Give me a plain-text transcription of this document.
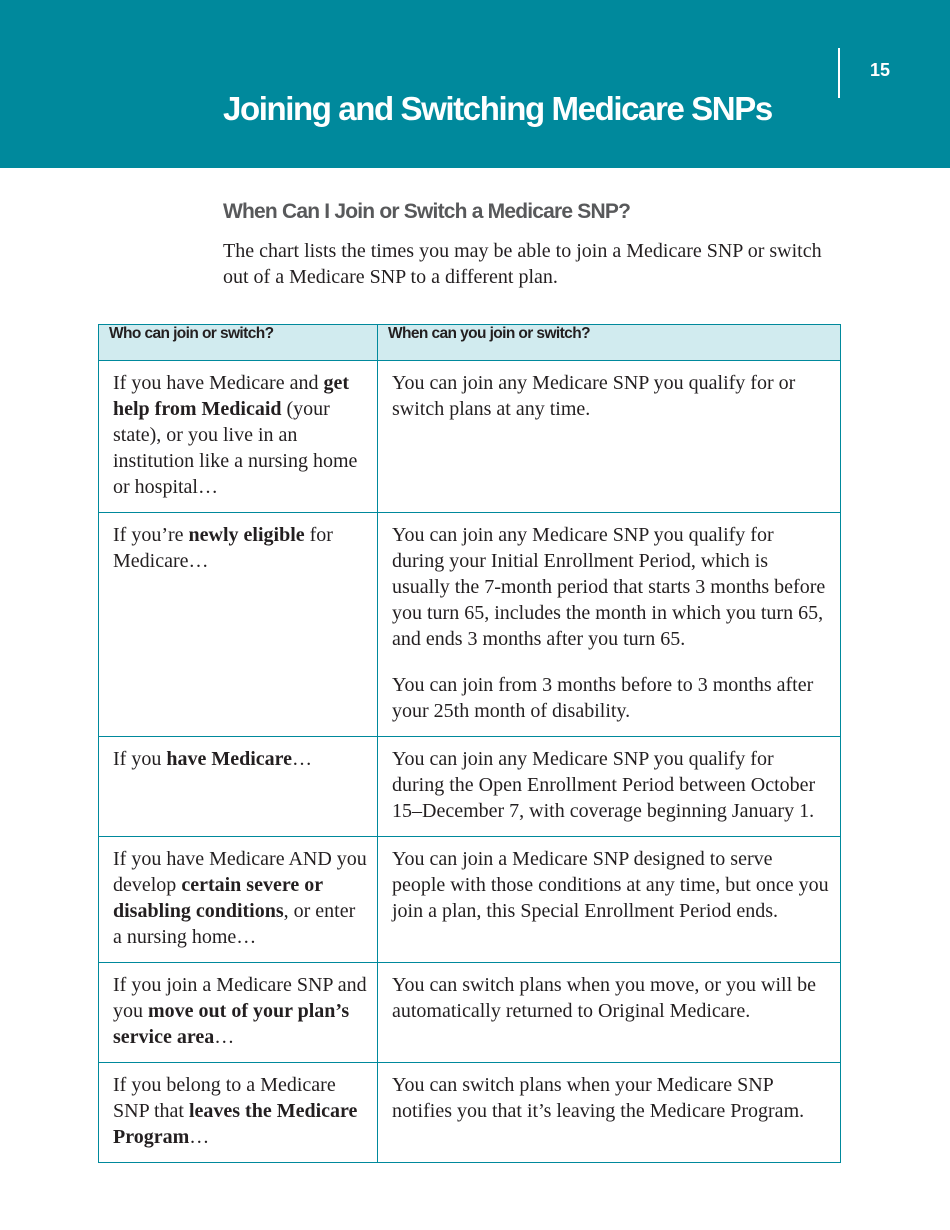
15
Joining and Switching Medicare SNPs
When Can I Join or Switch a Medicare SNP?

The chart lists the times you may be able to join a Medicare SNP or switch out of a Medicare SNP to a different plan.

Who can join or switch?	When can you join or switch?
If you have Medicare and get help from Medicaid (your state), or you live in an institution like a nursing home or hospital…	You can join any Medicare SNP you qualify for or switch plans at any time.

If you’re newly eligible for Medicare…	You can join any Medicare SNP you qualify for during your Initial Enrollment Period, which is usually the 7-month period that starts 3 months before you turn 65, includes the month in which you turn 65, and ends 3 months after you turn 65.

You can join from 3 months before to 3 months after your 25th month of disability.

If you have Medicare…	You can join any Medicare SNP you qualify for during the Open Enrollment Period between October 15–December 7, with coverage beginning January 1.

If you have Medicare AND you develop certain severe or disabling conditions, or enter a nursing home…	You can join a Medicare SNP designed to serve people with those conditions at any time, but once you join a plan, this Special Enrollment Period ends.

If you join a Medicare SNP and you move out of your plan’s service area…	You can switch plans when you move, or you will be automatically returned to Original Medicare.

If you belong to a Medicare SNP that leaves the Medicare Program…	You can switch plans when your Medicare SNP notifies you that it’s leaving the Medicare Program.
